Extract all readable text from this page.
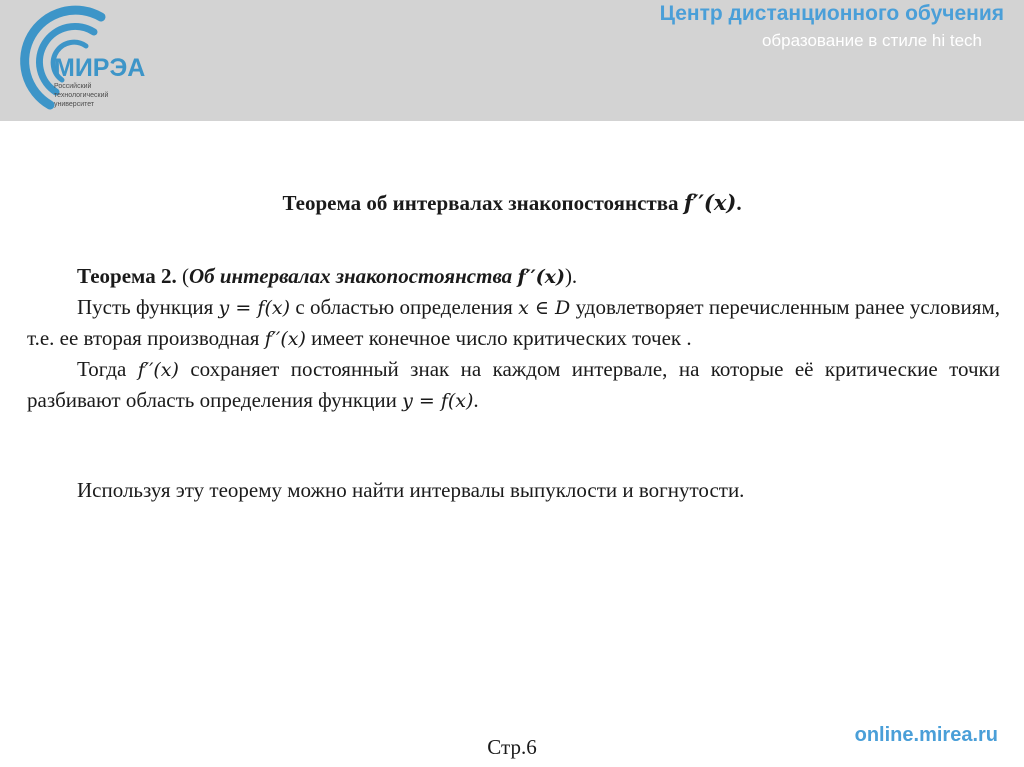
МИРЭА
Российский
технологический
университет
Центр дистанционного обучения
образование в стиле hi tech
Теорема об интервалах знакопостоянства 𝒇′′(𝒙).

Теорема 2. (Об интервалах знакопостоянства 𝒇′′(𝒙)).

Пусть функция y = f(x) с областью определения x ∈ D удовлетворяет перечисленным ранее условиям, т.е. ее вторая производная f′′(x) имеет конечное число критических точек .

Тогда f′′(x) сохраняет постоянный знак на каждом интервале, на которые её критические точки разбивают область определения функции y = f(x).

Используя эту теорему можно найти интервалы выпуклости и вогнутости.
Стр.6	online.mirea.ru
